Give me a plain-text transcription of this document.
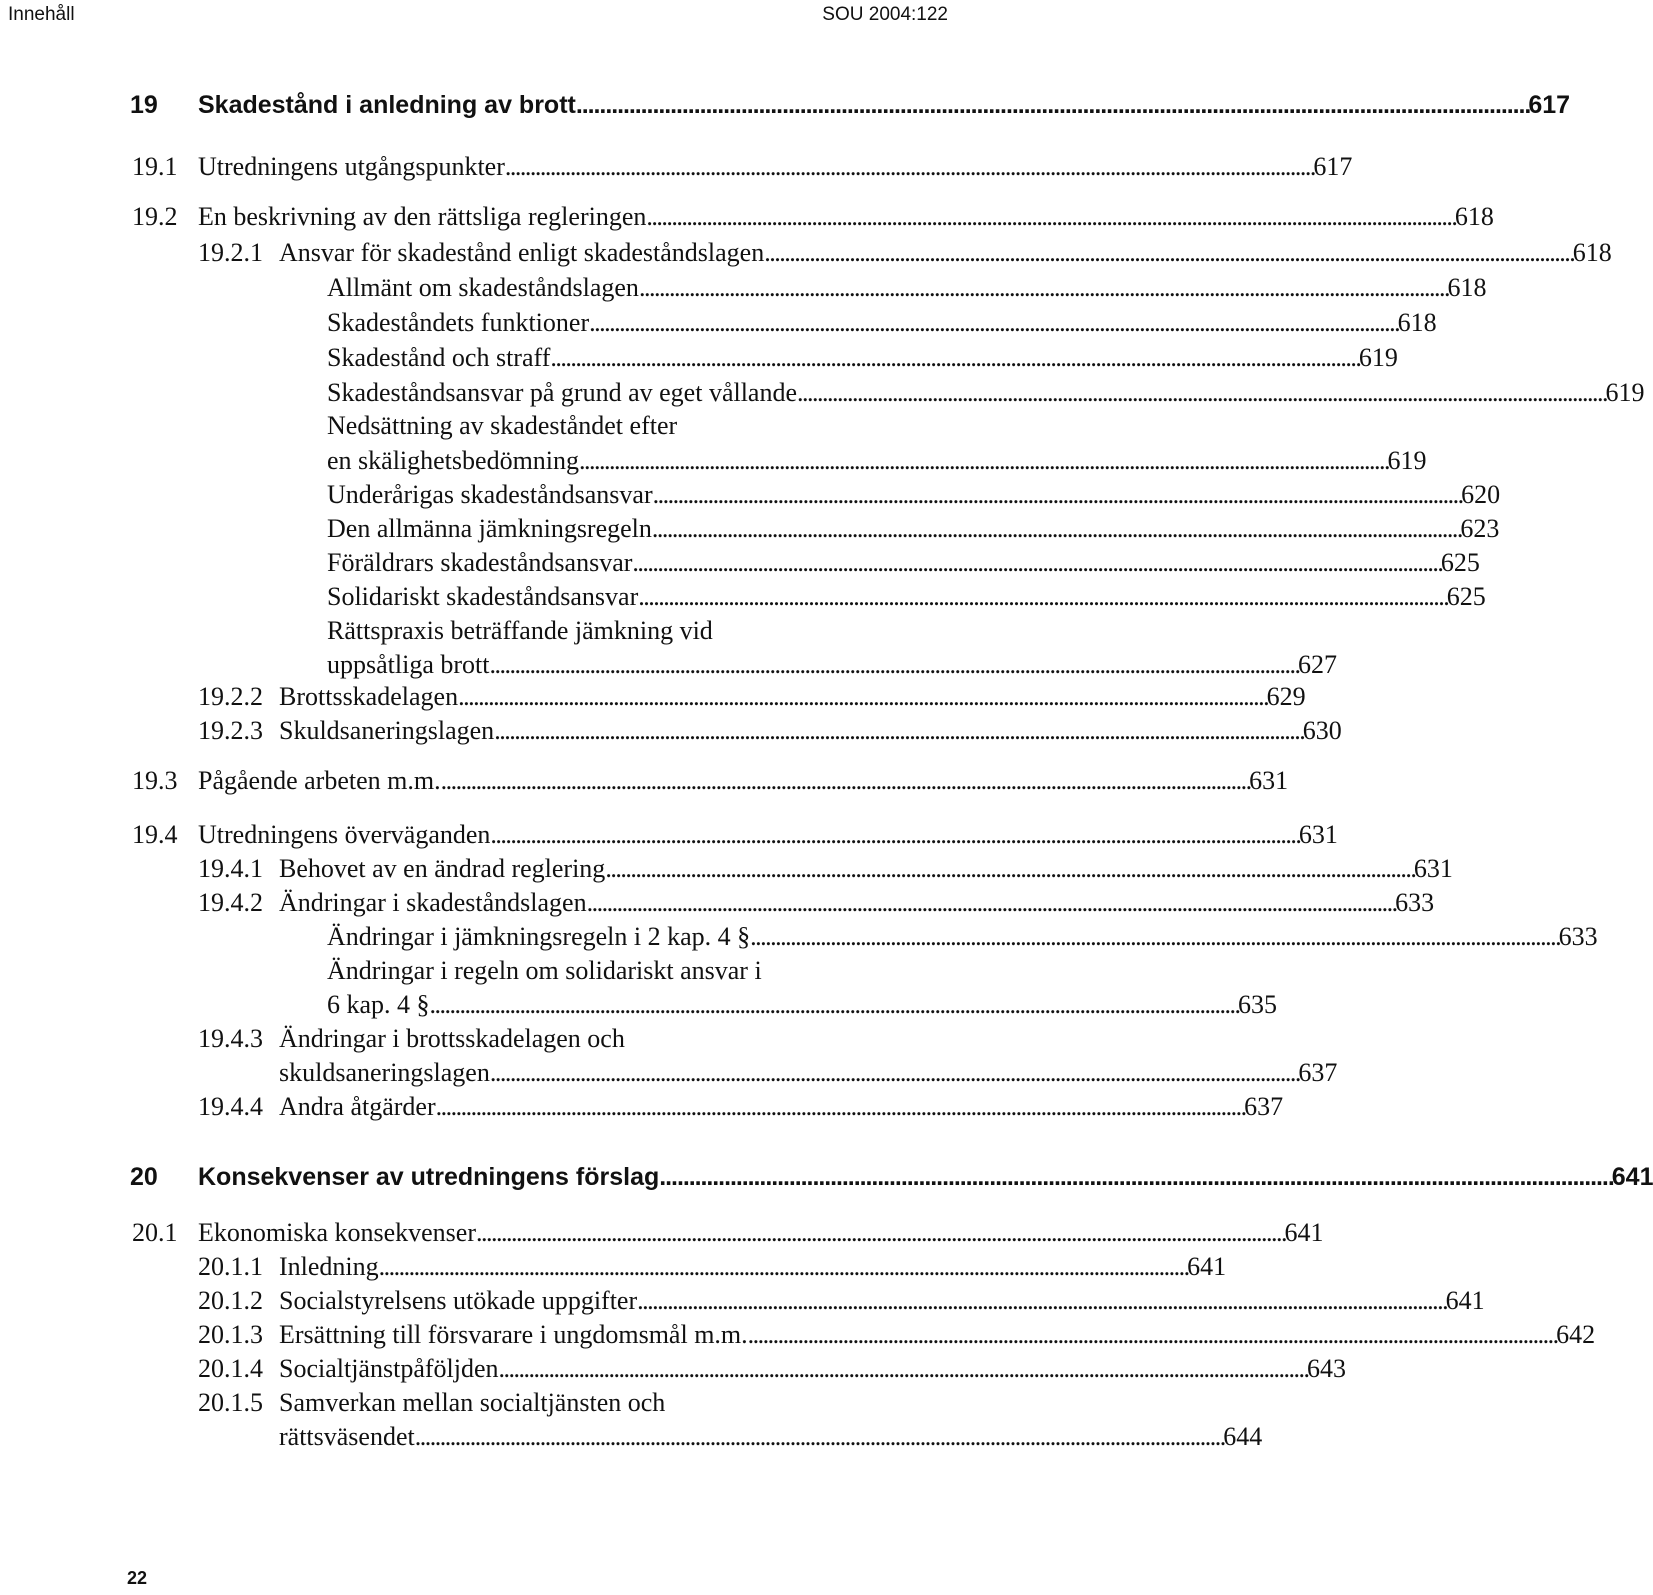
Innehåll	SOU 2004:122
19 Skadestånd i anledning av brott . . .	617
19.1 Utredningens utgångspunkter . . .	617
19.2 En beskrivning av den rättsliga regleringen . . .	618
19.2.1 Ansvar för skadestånd enligt skadeståndslagen . . .	618
Allmänt om skadeståndslagen . . .	618
Skadeståndets funktioner . . .	618
Skadestånd och straff . . .	619
Skadeståndsansvar på grund av eget vållande . . .	619
Nedsättning av skadeståndet efter
en skälighetsbedömning . . .	619
Underårigas skadeståndsansvar . . .	620
Den allmänna jämkningsregeln . . .	623
Föräldrars skadeståndsansvar . . .	625
Solidariskt skadeståndsansvar . . .	625
Rättspraxis beträffande jämkning vid
uppsåtliga brott . . .	627
19.2.2 Brottsskadelagen . . .	629
19.2.3 Skuldsaneringslagen . . .	630
19.3 Pågående arbeten m.m. . . .	631
19.4 Utredningens överväganden . . .	631
19.4.1 Behovet av en ändrad reglering . . .	631
19.4.2 Ändringar i skadeståndslagen . . .	633
Ändringar i jämkningsregeln i 2 kap. 4 § . . .	633
Ändringar i regeln om solidariskt ansvar i
6 kap. 4 § . . .	635
19.4.3 Ändringar i brottsskadelagen och
skuldsaneringslagen . . .	637
19.4.4 Andra åtgärder . . .	637
20 Konsekvenser av utredningens förslag . . .	641
20.1 Ekonomiska konsekvenser . . .	641
20.1.1 Inledning . . .	641
20.1.2 Socialstyrelsens utökade uppgifter . . .	641
20.1.3 Ersättning till försvarare i ungdomsmål m.m. . . .	642
20.1.4 Socialtjänstpåföljden . . .	643
20.1.5 Samverkan mellan socialtjänsten och
rättsväsendet . . .	644
22
